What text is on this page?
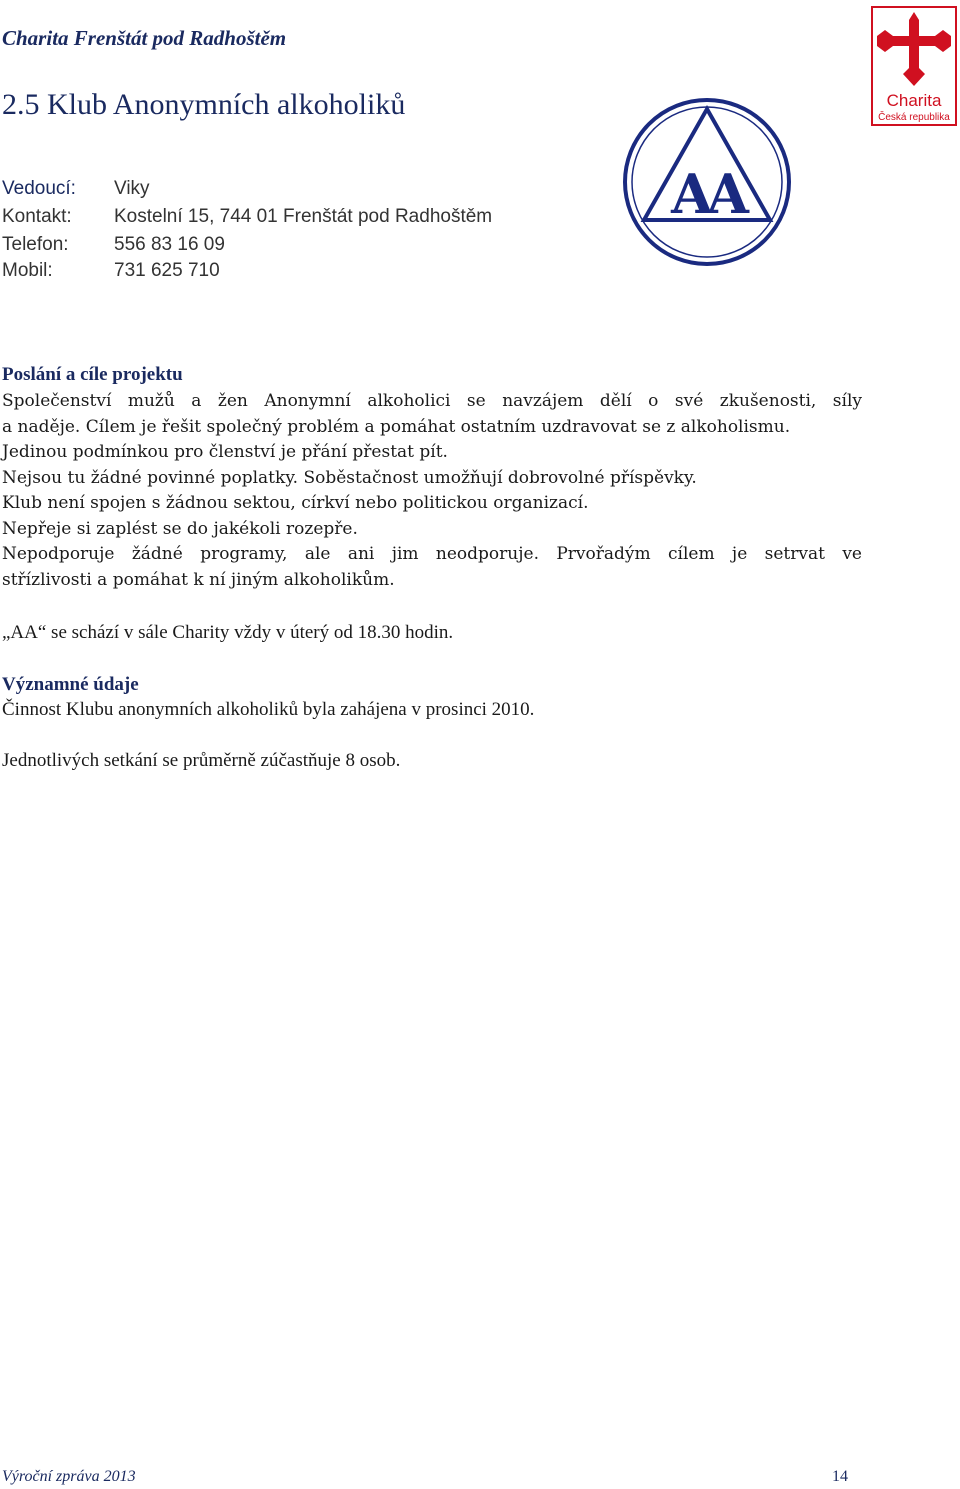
Charita Frenštát pod Radhoštěm
Charita
Česká republika
2.5 Klub Anonymních alkoholiků
AA
Vedoucí:	Viky
Kontakt:	Kostelní 15, 744 01 Frenštát pod Radhoštěm
Telefon:	556 83 16 09
Mobil:	731 625 710
Poslání a cíle projektu
Společenství mužů a žen Anonymní alkoholici se navzájem dělí o své zkušenosti, síly
a naděje. Cílem je řešit společný problém a pomáhat ostatním uzdravovat se z alkoholismu.
Jedinou podmínkou pro členství je přání přestat pít.
Nejsou tu žádné povinné poplatky. Soběstačnost umožňují dobrovolné příspěvky.
Klub není spojen s žádnou sektou, církví nebo politickou organizací.
Nepřeje si zaplést se do jakékoli rozepře.
Nepodporuje žádné programy, ale ani jim neodporuje. Prvořadým cílem je setrvat ve
střízlivosti a pomáhat k ní jiným alkoholikům.
„AA“ se schází v sále Charity vždy v úterý od 18.30 hodin.
Významné údaje
Činnost Klubu anonymních alkoholiků byla zahájena v prosinci 2010.
Jednotlivých setkání se průměrně zúčastňuje 8 osob.
Výroční zpráva 2013	14
